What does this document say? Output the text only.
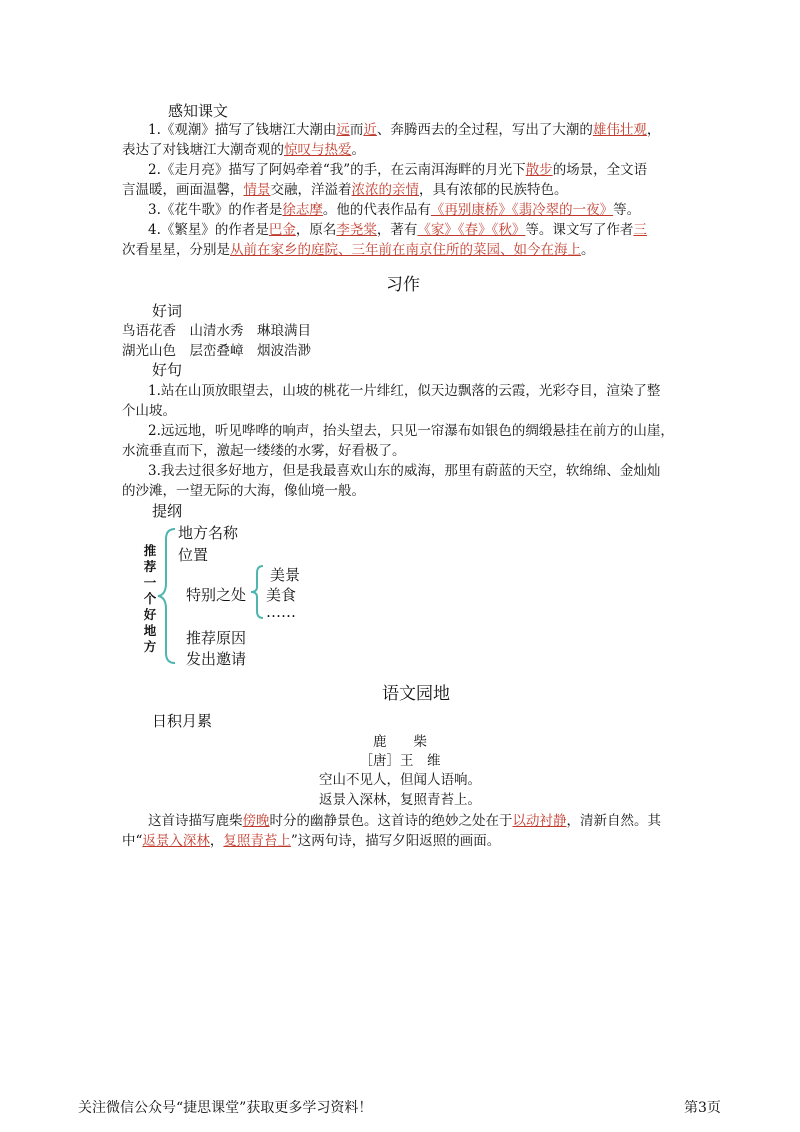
感知课文
1.《观潮》描写了钱塘江大潮由远而近、奔腾西去的全过程，写出了大潮的雄伟壮观，
表达了对钱塘江大潮奇观的惊叹与热爱。
2.《走月亮》描写了阿妈牵着“我”的手，在云南洱海畔的月光下散步的场景，全文语
言温暖，画面温馨，情景交融，洋溢着浓浓的亲情，具有浓郁的民族特色。
3.《花牛歌》的作者是徐志摩。他的代表作品有《再别康桥》《翡冷翠的一夜》等。
4.《繁星》的作者是巴金，原名李尧棠，著有《家》《春》《秋》等。课文写了作者三
次看星星，分别是从前在家乡的庭院、三年前在南京住所的菜园、如今在海上。
习作
好词
鸟语花香　 山清水秀　 琳琅满目
湖光山色　 层峦叠嶂　 烟波浩渺
好句
1.站在山顶放眼望去，山坡的桃花一片绯红，似天边飘落的云霞，光彩夺目，渲染了整
个山坡。
2.远远地，听见哗哗的响声，抬头望去，只见一帘瀑布如银色的绸缎悬挂在前方的山崖，
水流垂直而下，激起一缕缕的水雾，好看极了。
3.我去过很多好地方，但是我最喜欢山东的威海，那里有蔚蓝的天空，软绵绵、金灿灿
的沙滩，一望无际的大海，像仙境一般。
提纲
推
荐
一
个
好
地
方
地方名称
位置
特别之处
美景
美食
……
推荐原因
发出邀请
语文园地
日积月累
鹿　　柴
［唐］王　维
空山不见人，但闻人语响。
返景入深林，复照青苔上。
这首诗描写鹿柴傍晚时分的幽静景色。这首诗的绝妙之处在于以动衬静，清新自然。其
中“返景入深林，复照青苔上”这两句诗，描写夕阳返照的画面。
关注微信公众号“捷思课堂”获取更多学习资料！	第3页
